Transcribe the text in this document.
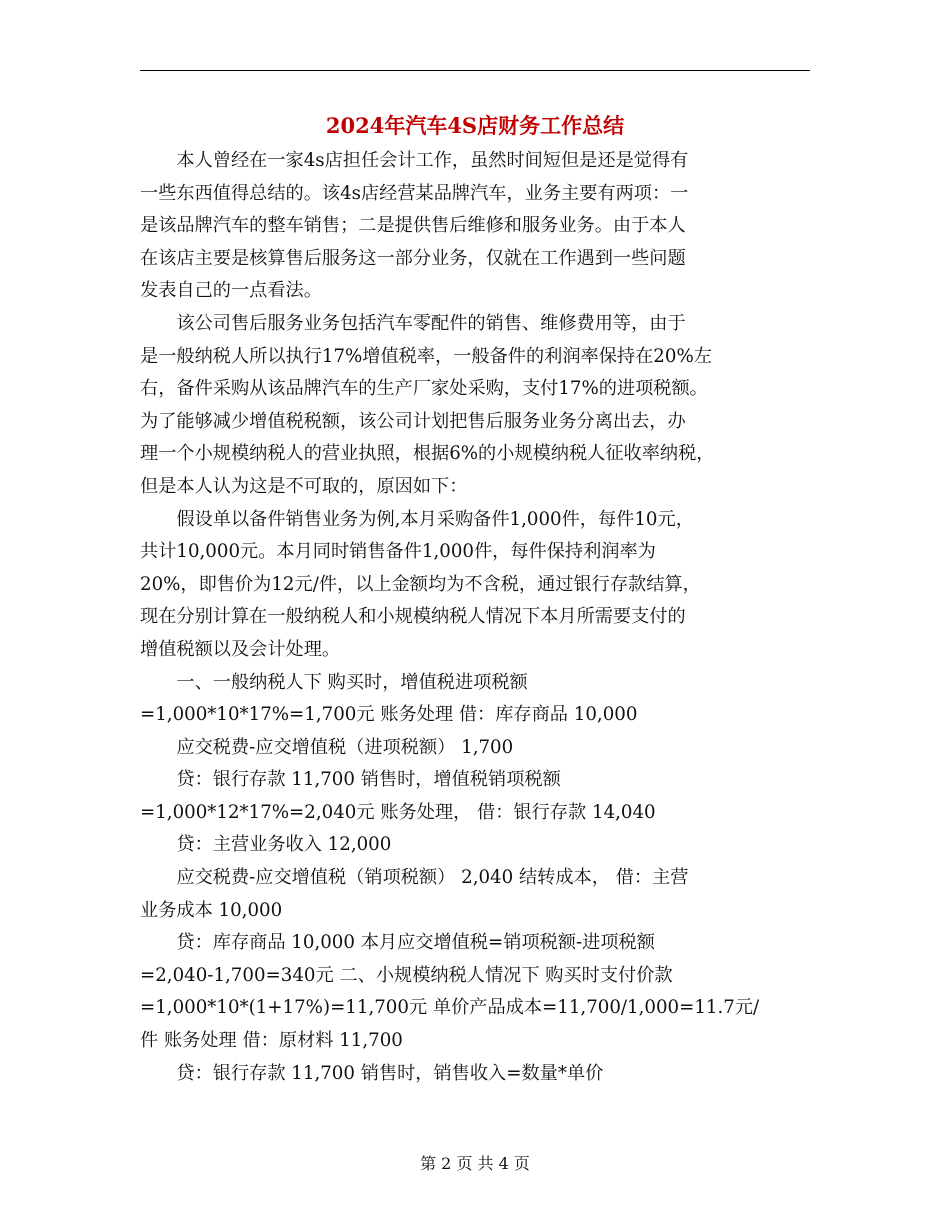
2024年汽车4S店财务工作总结

本人曾经在一家4s店担任会计工作，虽然时间短但是还是觉得有
一些东西值得总结的。该4s店经营某品牌汽车，业务主要有两项：一
是该品牌汽车的整车销售；二是提供售后维修和服务业务。由于本人
在该店主要是核算售后服务这一部分业务，仅就在工作遇到一些问题
发表自己的一点看法。

该公司售后服务业务包括汽车零配件的销售、维修费用等，由于
是一般纳税人所以执行17%增值税率，一般备件的利润率保持在20%左
右，备件采购从该品牌汽车的生产厂家处采购，支付17%的进项税额。
为了能够减少增值税税额，该公司计划把售后服务业务分离出去，办
理一个小规模纳税人的营业执照，根据6%的小规模纳税人征收率纳税，
但是本人认为这是不可取的，原因如下：

假设单以备件销售业务为例,本月采购备件1,000件，每件10元，
共计10,000元。本月同时销售备件1,000件，每件保持利润率为
20%，即售价为12元/件，以上金额均为不含税，通过银行存款结算，
现在分别计算在一般纳税人和小规模纳税人情况下本月所需要支付的
增值税额以及会计处理。

一、一般纳税人下 购买时，增值税进项税额
=1,000*10*17%=1,700元 账务处理 借：库存商品 10,000

应交税费-应交增值税（进项税额） 1,700

贷：银行存款 11,700 销售时，增值税销项税额
=1,000*12*17%=2,040元 账务处理， 借：银行存款 14,040

贷：主营业务收入 12,000

应交税费-应交增值税（销项税额） 2,040 结转成本， 借：主营
业务成本 10,000

贷：库存商品 10,000 本月应交增值税=销项税额-进项税额
=2,040-1,700=340元 二、小规模纳税人情况下 购买时支付价款
=1,000*10*(1+17%)=11,700元 单价产品成本=11,700/1,000=11.7元/
件 账务处理 借：原材料 11,700

贷：银行存款 11,700 销售时，销售收入=数量*单价

第 2 页 共 4 页
